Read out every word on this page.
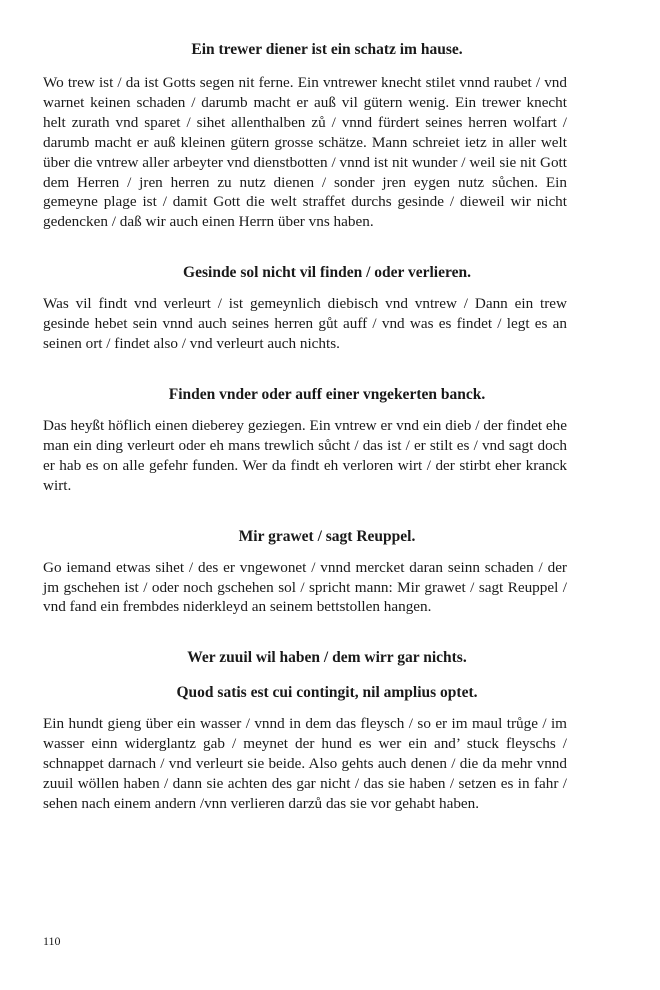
Ein trewer diener ist ein schatz im hause.

Wo trew ist / da ist Gotts segen nit ferne. Ein vntrewer knecht stilet vnnd raubet / vnd warnet keinen schaden / darumb macht er auß vil gütern wenig. Ein trewer knecht helt zurath vnd sparet / sihet allenthalben zů / vnnd fürdert seines herren wolfart / darumb macht er auß kleinen gütern grosse schätze. Mann schreiet ietz in aller welt über die vntrew aller arbeyter vnd dienstbotten / vnnd ist nit wunder / weil sie nit Gott dem Herren / jren herren zu nutz dienen / sonder jren eygen nutz sůchen. Ein gemeyne plage ist / damit Gott die welt straffet durchs gesinde / dieweil wir nicht gedencken / daß wir auch einen Herrn über vns haben.

Gesinde sol nicht vil finden / oder verlieren.

Was vil findt vnd verleurt / ist gemeynlich diebisch vnd vntrew / Dann ein trew gesinde hebet sein vnnd auch seines herren gůt auff / vnd was es findet / legt es an seinen ort / findet also / vnd verleurt auch nichts.

Finden vnder oder auff einer vngekerten banck.

Das heyßt höflich einen dieberey geziegen. Ein vntrew er vnd ein dieb / der findet ehe man ein ding verleurt oder eh mans trewlich sůcht / das ist / er stilt es / vnd sagt doch er hab es on alle gefehr funden. Wer da findt eh verloren wirt / der stirbt eher kranck wirt.

Mir grawet / sagt Reuppel.

Go iemand etwas sihet / des er vngewonet / vnnd mercket daran seinn schaden / der jm gschehen ist / oder noch gschehen sol / spricht mann: Mir grawet / sagt Reuppel / vnd fand ein frembdes niderkleyd an seinem bettstollen hangen.

Wer zuuil wil haben / dem wirr gar nichts.
Quod satis est cui contingit, nil amplius optet.

Ein hundt gieng über ein wasser / vnnd in dem das fleysch / so er im maul trůge / im wasser einn widerglantz gab / meynet der hund es wer ein and’ stuck fleyschs / schnappet darnach / vnd verleurt sie beide. Also gehts auch denen / die da mehr vnnd zuuil wöllen haben / dann sie achten des gar nicht / das sie haben / setzen es in fahr / sehen nach einem andern /vnn verlieren darzů das sie vor gehabt haben.

110
